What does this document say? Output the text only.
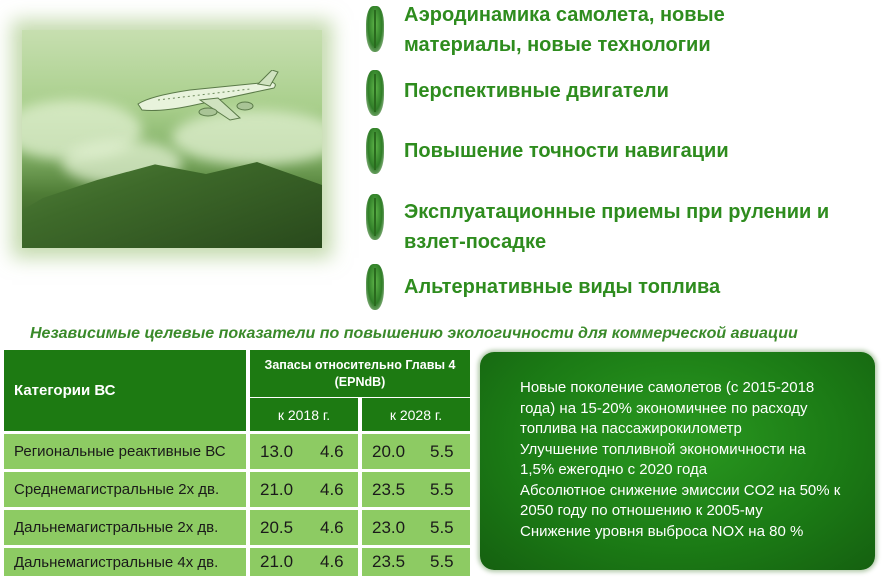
Аэродинамика самолета, новые
материалы, новые технологии
Перспективные двигатели
Повышение точности навигации
Эксплуатационные приемы при рулении и
взлет-посадке
Альтернативные виды топлива
Независимые целевые показатели по повышению экологичности для коммерческой авиации
Категории ВС
Запасы относительно Главы 4 (EPNdB)
к 2018 г.	к 2028 г.
Региональные реактивные ВС	13.0 4.6 20.0 5.5
Среднемагистральные 2х дв.	21.0 4.6 23.5 5.5
Дальнемагистральные 2х дв.	20.5 4.6 23.0 5.5
Дальнемагистральные 4х дв.	21.0 4.6 23.5 5.5
Новые поколение самолетов (с 2015-2018
года) на 15-20% экономичнее по расходу
топлива на пассажирокилометр
Улучшение топливной экономичности на
1,5% ежегодно с 2020 года
Абсолютное снижение эмиссии CO2 на 50% к
2050 году по отношению к 2005-му
Снижение уровня выброса NOX на 80 %
